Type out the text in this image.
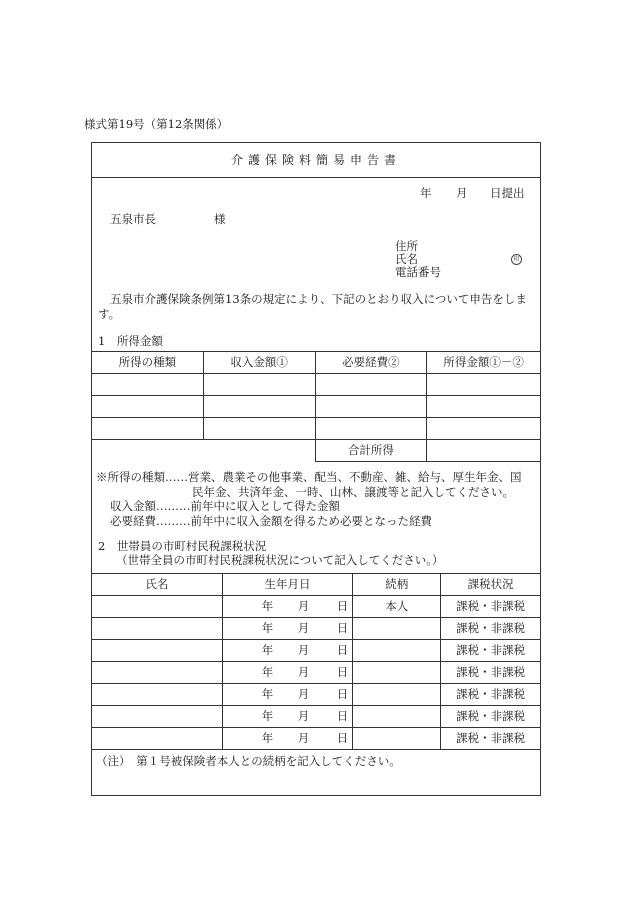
様式第19号（第12条関係）
介護保険料簡易申告書
年 月 日提出
五泉市長	様
住所
氏名	印
電話番号
五泉市介護保険条例第13条の規定により、下記のとおり収入について申告をします。
1　所得金額
所得の種類	収入金額①	必要経費②	所得金額①－②

		合計所得	
※所得の種類……営業、農業その他事業、配当、不動産、雑、給与、厚生年金、国
民年金、共済年金、一時、山林、譲渡等と記入してください。
収入金額………前年中に収入として得た金額
必要経費………前年中に収入金額を得るため必要となった経費
2　世帯員の市町村民税課税状況
（世帯全員の市町村民税課税状況について記入してください。）
氏名	生年月日	続柄	課税状況

	年 月 日	本人	課税・非課税

	年 月 日		課税・非課税

	年 月 日		課税・非課税

	年 月 日		課税・非課税

	年 月 日		課税・非課税

	年 月 日		課税・非課税

	年 月 日		課税・非課税
（注）　第１号被保険者本人との続柄を記入してください。
